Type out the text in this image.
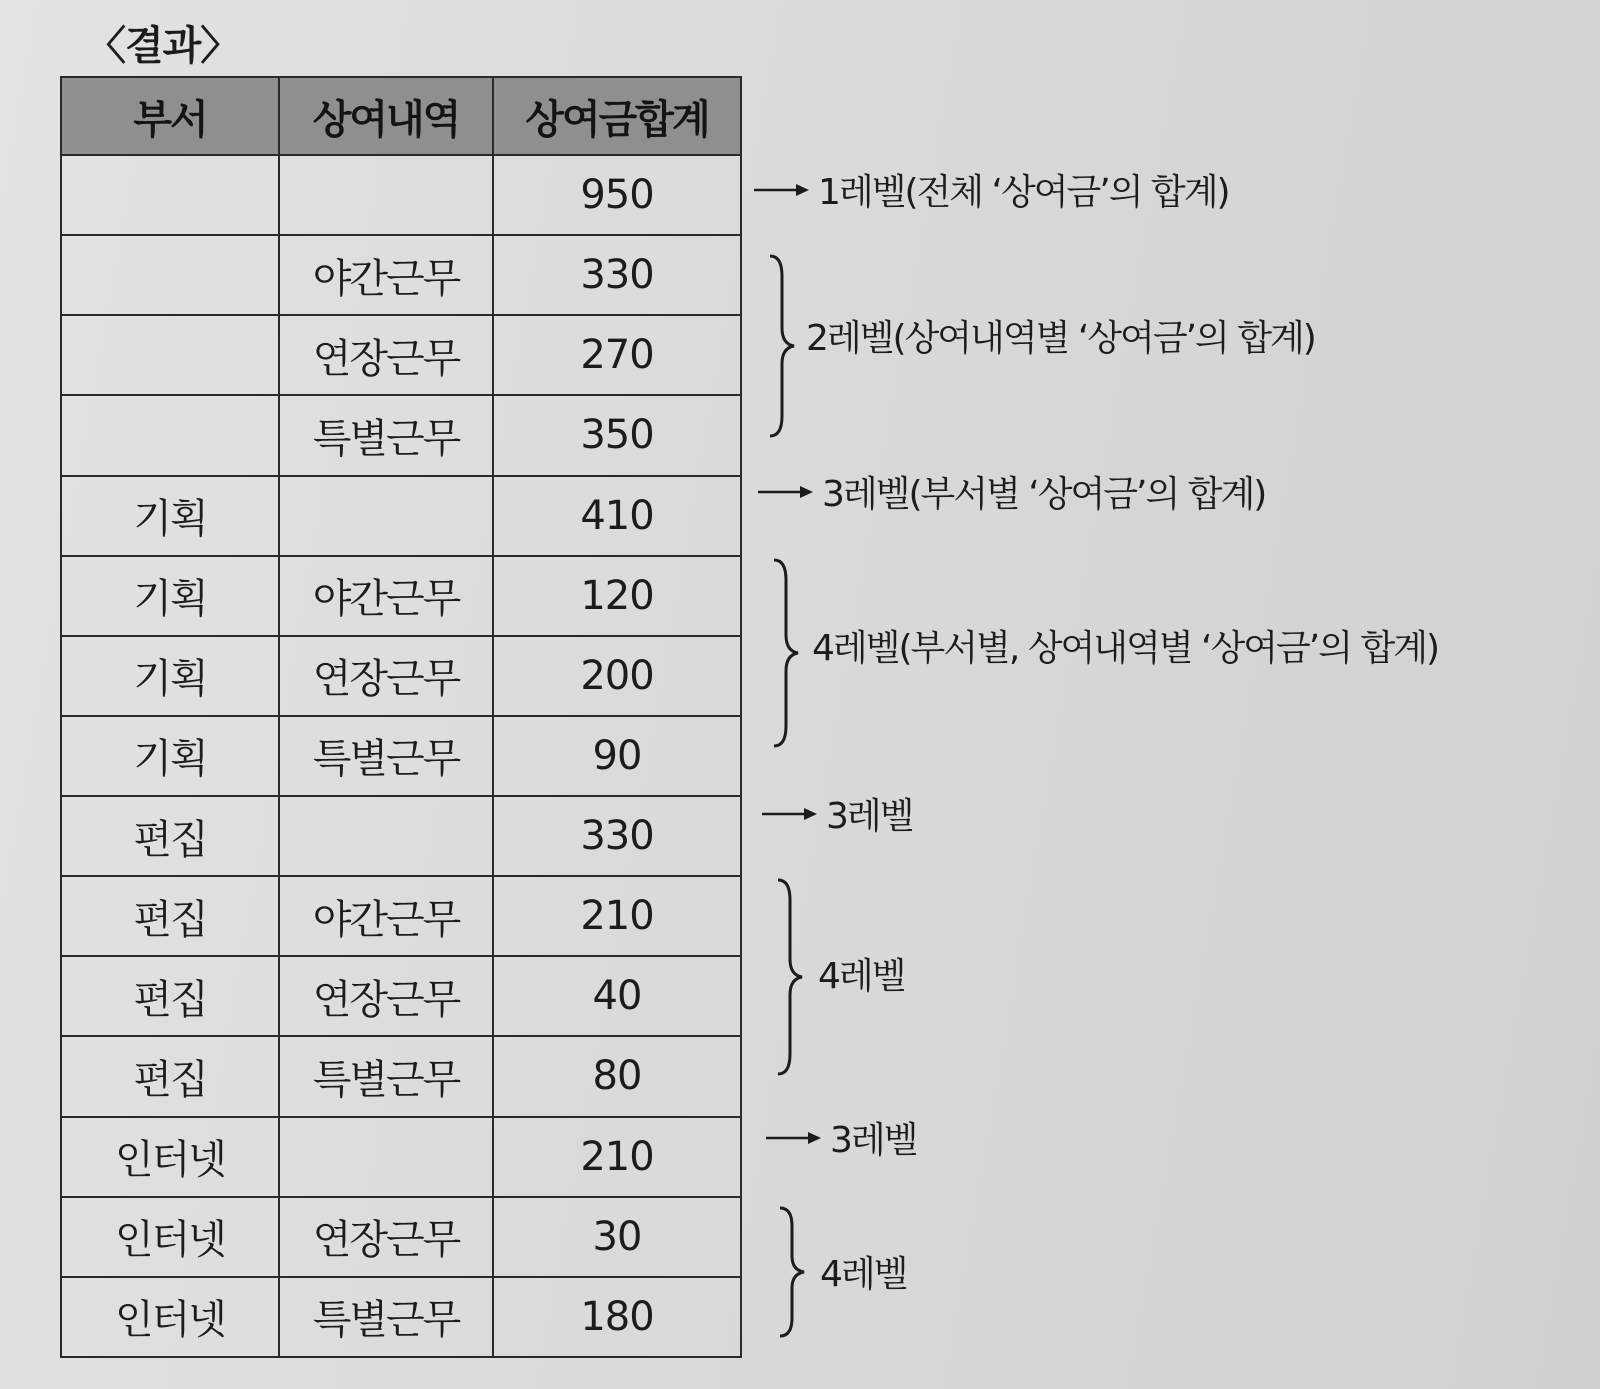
〈결과〉
부서	상여내역	상여금합계
		950
	야간근무	330
	연장근무	270
	특별근무	350
기획		410
기획	야간근무	120
기획	연장근무	200
기획	특별근무	90
편집		330
편집	야간근무	210
편집	연장근무	40
편집	특별근무	80
인터넷		210
인터넷	연장근무	30
인터넷	특별근무	180
1레벨(전체 ‘상여금’의 합계)
2레벨(상여내역별 ‘상여금’의 합계)
3레벨(부서별 ‘상여금’의 합계)
4레벨(부서별, 상여내역별 ‘상여금’의 합계)
3레벨
4레벨
3레벨
4레벨
